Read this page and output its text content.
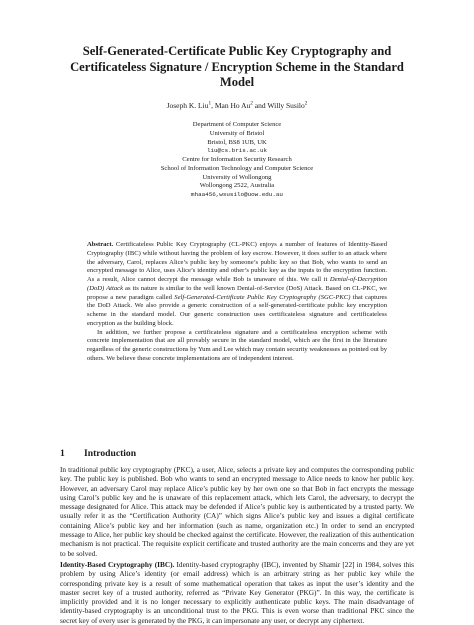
Self-Generated-Certificate Public Key Cryptography and
Certificateless Signature / Encryption Scheme in the Standard
Model
Joseph K. Liu$^1$, Man Ho Au$^2$ and Willy Susilo$^2$
Department of Computer Science
University of Bristol
Bristol, BS8 1UB, UK
liu@cs.bris.ac.uk
Centre for Information Security Research
School of Information Technology and Computer Science
University of Wollongong
Wollongong 2522, Australia
mhaa456,wsusilo@uow.edu.au

Abstract. Certificateless Public Key Cryptography (CL-PKC) enjoys a number of features of Identity-Based Cryptography (IBC) while without having the problem of key escrow. However, it does suffer to an attack where the adversary, Carol, replaces Alice’s public key by someone’s public key so that Bob, who wants to send an encrypted message to Alice, uses Alice’s identity and other’s public key as the inputs to the encryption function. As a result, Alice cannot decrypt the message while Bob is unaware of this. We call it Denial-of-Decryption (DoD) Attack as its nature is similar to the well known Denial-of-Service (DoS) Attack. Based on CL-PKC, we propose a new paradigm called Self-Generated-Certificate Public Key Cryptography (SGC-PKC) that captures the DoD Attack. We also provide a generic construction of a self-generated-certificate public key encryption scheme in the standard model. Our generic construction uses certificateless signature and certificateless encryption as the building block.

In addition, we further propose a certificateless signature and a certificateless encryption scheme with concrete implementation that are all provably secure in the standard model, which are the first in the literature regardless of the generic constructions by Yum and Lee which may contain security weaknesses as pointed out by others. We believe these concrete implementations are of independent interest.

1 Introduction

In traditional public key cryptography (PKC), a user, Alice, selects a private key and computes the corresponding public key. The public key is published. Bob who wants to send an encrypted message to Alice needs to know her public key. However, an adversary Carol may replace Alice’s public key by her own one so that Bob in fact encrypts the message using Carol’s public key and he is unaware of this replacement attack, which lets Carol, the adversary, to decrypt the message designated for Alice. This attack may be defended if Alice’s public key is authenticated by a trusted party. We usually refer it as the “Certification Authority (CA)” which signs Alice’s public key and issues a digital certificate containing Alice’s public key and her information (such as name, organization etc.) In order to send an encrypted message to Alice, her public key should be checked against the certificate. However, the realization of this authentication mechanism is not practical. The requisite explicit certificate and trusted authority are the main concerns and they are yet to be solved.

Identity-Based Cryptography (IBC). Identity-based cryptography (IBC), invented by Shamir [22] in 1984, solves this problem by using Alice’s identity (or email address) which is an arbitrary string as her public key while the corresponding private key is a result of some mathematical operation that takes as input the user’s identity and the master secret key of a trusted authority, referred as “Private Key Generator (PKG)”. In this way, the certificate is implicitly provided and it is no longer necessary to explicitly authenticate public keys. The main disadvantage of identity-based cryptography is an unconditional trust to the PKG. This is even worse than traditional PKC since the secret key of every user is generated by the PKG, it can impersonate any user, or decrypt any ciphertext.
